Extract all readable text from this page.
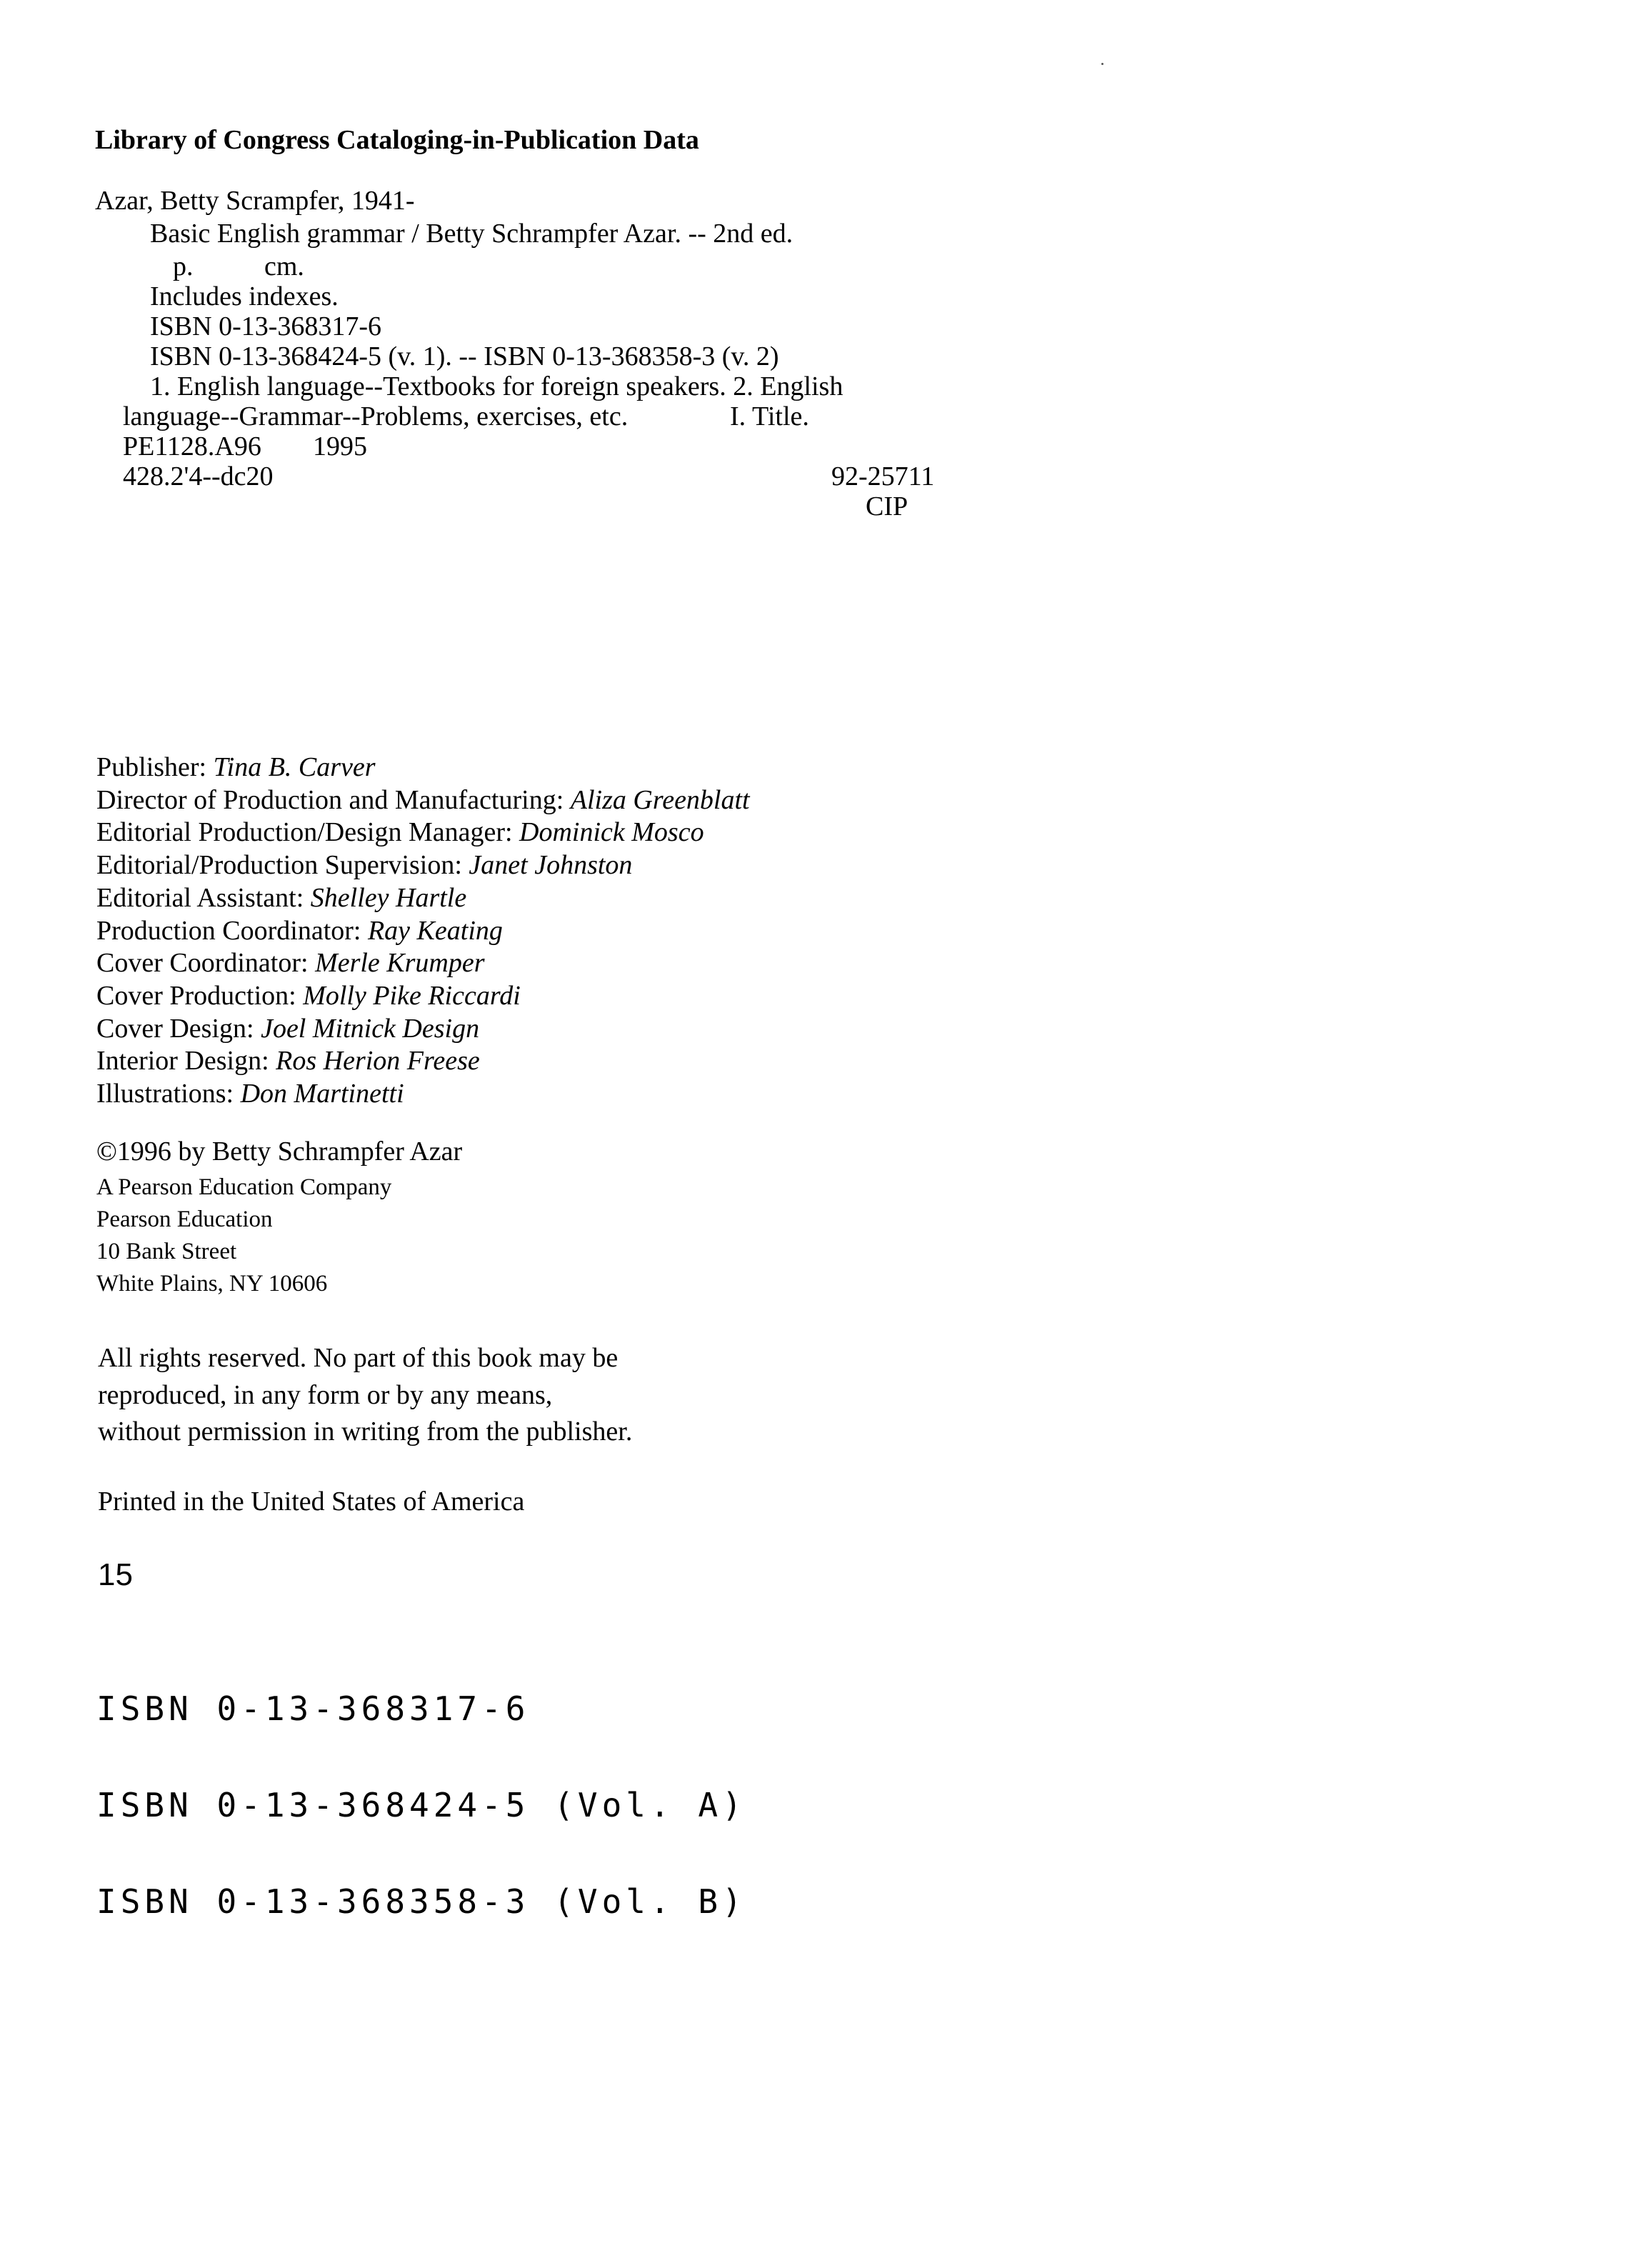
Library of Congress Cataloging-in-Publication Data
Azar, Betty Scrampfer, 1941-
Basic English grammar / Betty Schrampfer Azar. -- 2nd ed.
p.	cm.
Includes indexes.
ISBN 0-13-368317-6
ISBN 0-13-368424-5 (v. 1). -- ISBN 0-13-368358-3 (v. 2)
1. English language--Textbooks for foreign speakers. 2. English
language--Grammar--Problems, exercises, etc.	I. Title.
PE1128.A96 1995
428.2'4--dc20	92-25711
CIP
Publisher: Tina B. Carver
Director of Production and Manufacturing: Aliza Greenblatt
Editorial Production/Design Manager: Dominick Mosco
Editorial/Production Supervision: Janet Johnston
Editorial Assistant: Shelley Hartle
Production Coordinator: Ray Keating
Cover Coordinator: Merle Krumper
Cover Production: Molly Pike Riccardi
Cover Design: Joel Mitnick Design
Interior Design: Ros Herion Freese
Illustrations: Don Martinetti
©1996 by Betty Schrampfer Azar
A Pearson Education Company
Pearson Education
10 Bank Street
White Plains, NY 10606
All rights reserved. No part of this book may be
reproduced, in any form or by any means,
without permission in writing from the publisher.
Printed in the United States of America
15

ISBN 0-13-368317-6

ISBN 0-13-368424-5 (Vol. A)

ISBN 0-13-368358-3 (Vol. B)
